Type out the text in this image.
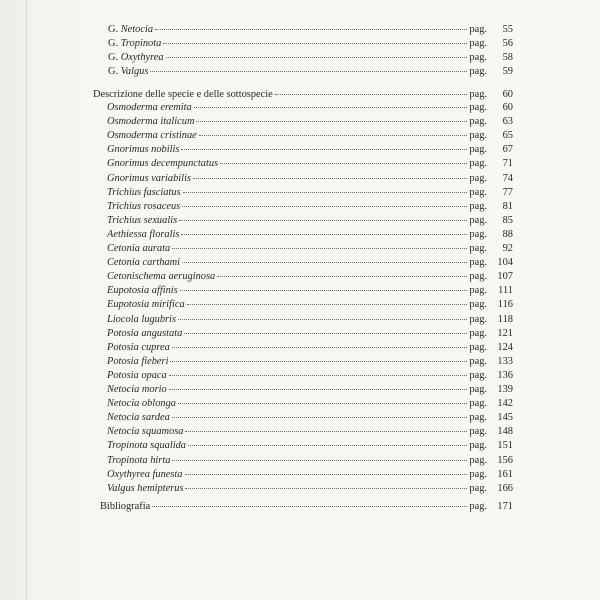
G. Netocia	pag.	55
G. Tropinota	pag.	56
G. Oxythyrea	pag.	58
G. Valgus	pag.	59
Descrizione delle specie e delle sottospecie	pag.	60
Osmoderma eremita	pag.	60
Osmoderma italicum	pag.	63
Osmoderma cristinae	pag.	65
Gnorimus nobilis	pag.	67
Gnorimus decempunctatus	pag.	71
Gnorimus variabilis	pag.	74
Trichius fasciatus	pag.	77
Trichius rosaceus	pag.	81
Trichius sexualis	pag.	85
Aethiessa floralis	pag.	88
Cetonia aurata	pag.	92
Cetonia carthami	pag.	104
Cetonischema aeruginosa	pag.	107
Eupotosia affinis	pag.	111
Eupotosia mirifica	pag.	116
Liocola lugubris	pag.	118
Potosia angustata	pag.	121
Potosia cuprea	pag.	124
Potosia fieberi	pag.	133
Potosia opaca	pag.	136
Netocia morio	pag.	139
Netocia oblonga	pag.	142
Netocia sardea	pag.	145
Netocia squamosa	pag.	148
Tropinota squalida	pag.	151
Tropinota hirta	pag.	156
Oxythyrea funesta	pag.	161
Valgus hemipterus	pag.	166
Bibliografia	pag.	171
